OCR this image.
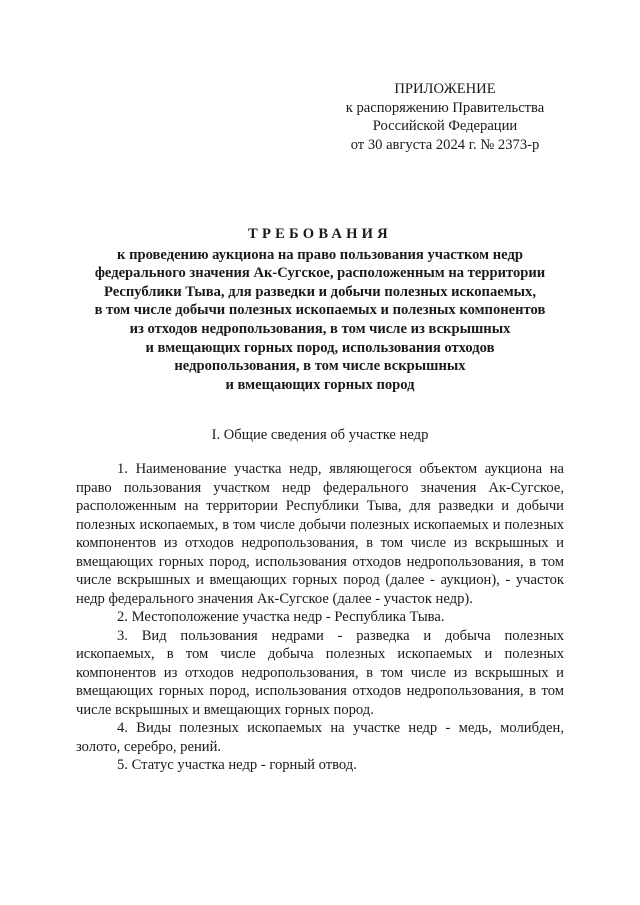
ПРИЛОЖЕНИЕ
к распоряжению Правительства
Российской Федерации
от 30 августа 2024 г. № 2373-р
ТРЕБОВАНИЯ
к проведению аукциона на право пользования участком недр
федерального значения Ак-Сугское, расположенным на территории
Республики Тыва, для разведки и добычи полезных ископаемых,
в том числе добычи полезных ископаемых и полезных компонентов
из отходов недропользования, в том числе из вскрышных
и вмещающих горных пород, использования отходов
недропользования, в том числе вскрышных
и вмещающих горных пород
I. Общие сведения об участке недр

1. Наименование участка недр, являющегося объектом аукциона на право пользования участком недр федерального значения Ак-Сугское, расположенным на территории Республики Тыва, для разведки и добычи полезных ископаемых, в том числе добычи полезных ископаемых и полезных компонентов из отходов недропользования, в том числе из вскрышных и вмещающих горных пород, использования отходов недропользования, в том числе вскрышных и вмещающих горных пород (далее - аукцион), - участок недр федерального значения Ак-Сугское (далее - участок недр).

2. Местоположение участка недр - Республика Тыва.

3. Вид пользования недрами - разведка и добыча полезных ископаемых, в том числе добыча полезных ископаемых и полезных компонентов из отходов недропользования, в том числе из вскрышных и вмещающих горных пород, использования отходов недропользования, в том числе вскрышных и вмещающих горных пород.

4. Виды полезных ископаемых на участке недр - медь, молибден, золото, серебро, рений.

5. Статус участка недр - горный отвод.
